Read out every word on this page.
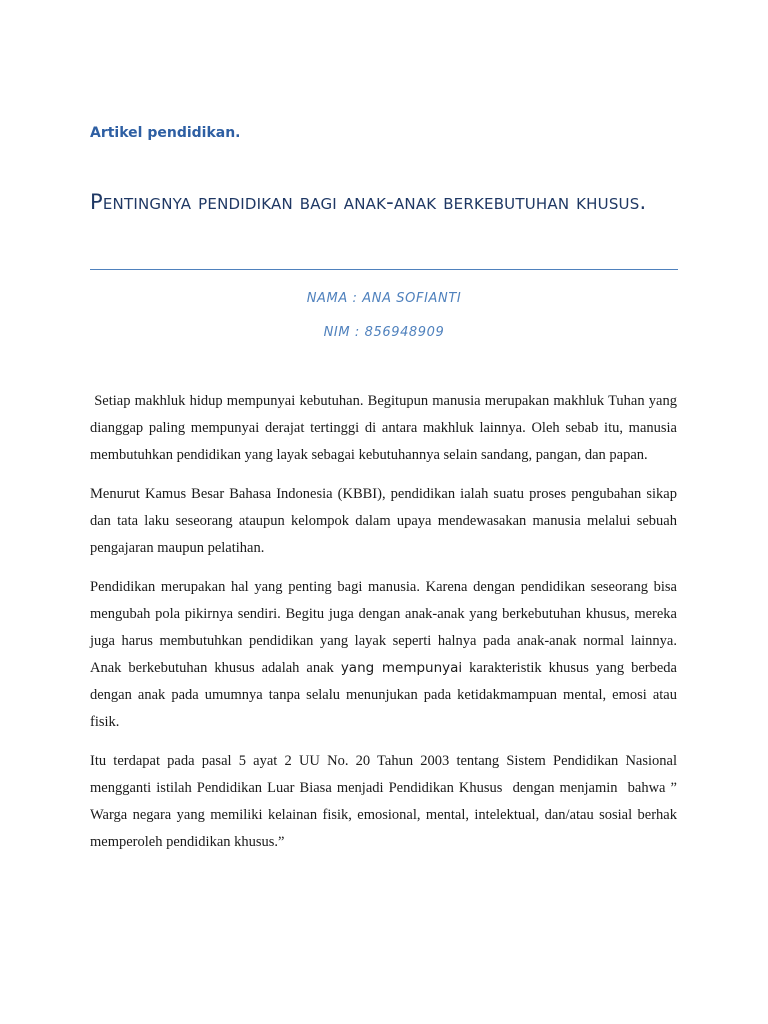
Artikel pendidikan.

Pentingnya pendidikan bagi anak-anak berkebutuhan khusus.

NAMA : ANA SOFIANTI

NIM : 856948909

Setiap makhluk hidup mempunyai kebutuhan. Begitupun manusia merupakan makhluk Tuhan yang dianggap paling mempunyai derajat tertinggi di antara makhluk lainnya. Oleh sebab itu, manusia membutuhkan pendidikan yang layak sebagai kebutuhannya selain sandang, pangan, dan papan.

Menurut Kamus Besar Bahasa Indonesia (KBBI), pendidikan ialah suatu proses pengubahan sikap dan tata laku seseorang ataupun kelompok dalam upaya mendewasakan manusia melalui sebuah pengajaran maupun pelatihan.

Pendidikan merupakan hal yang penting bagi manusia. Karena dengan pendidikan seseorang bisa mengubah pola pikirnya sendiri. Begitu juga dengan anak-anak yang berkebutuhan khusus, mereka juga harus membutuhkan pendidikan yang layak seperti halnya pada anak-anak normal lainnya. Anak berkebutuhan khusus adalah anak yang mempunyai karakteristik khusus yang berbeda dengan anak pada umumnya tanpa selalu menunjukan pada ketidakmampuan mental, emosi atau fisik.

Itu terdapat pada pasal 5 ayat 2 UU No. 20 Tahun 2003 tentang Sistem Pendidikan Nasional mengganti istilah Pendidikan Luar Biasa menjadi Pendidikan Khusus  dengan menjamin  bahwa ” Warga negara yang memiliki kelainan fisik, emosional, mental, intelektual, dan/atau sosial berhak memperoleh pendidikan khusus.”
